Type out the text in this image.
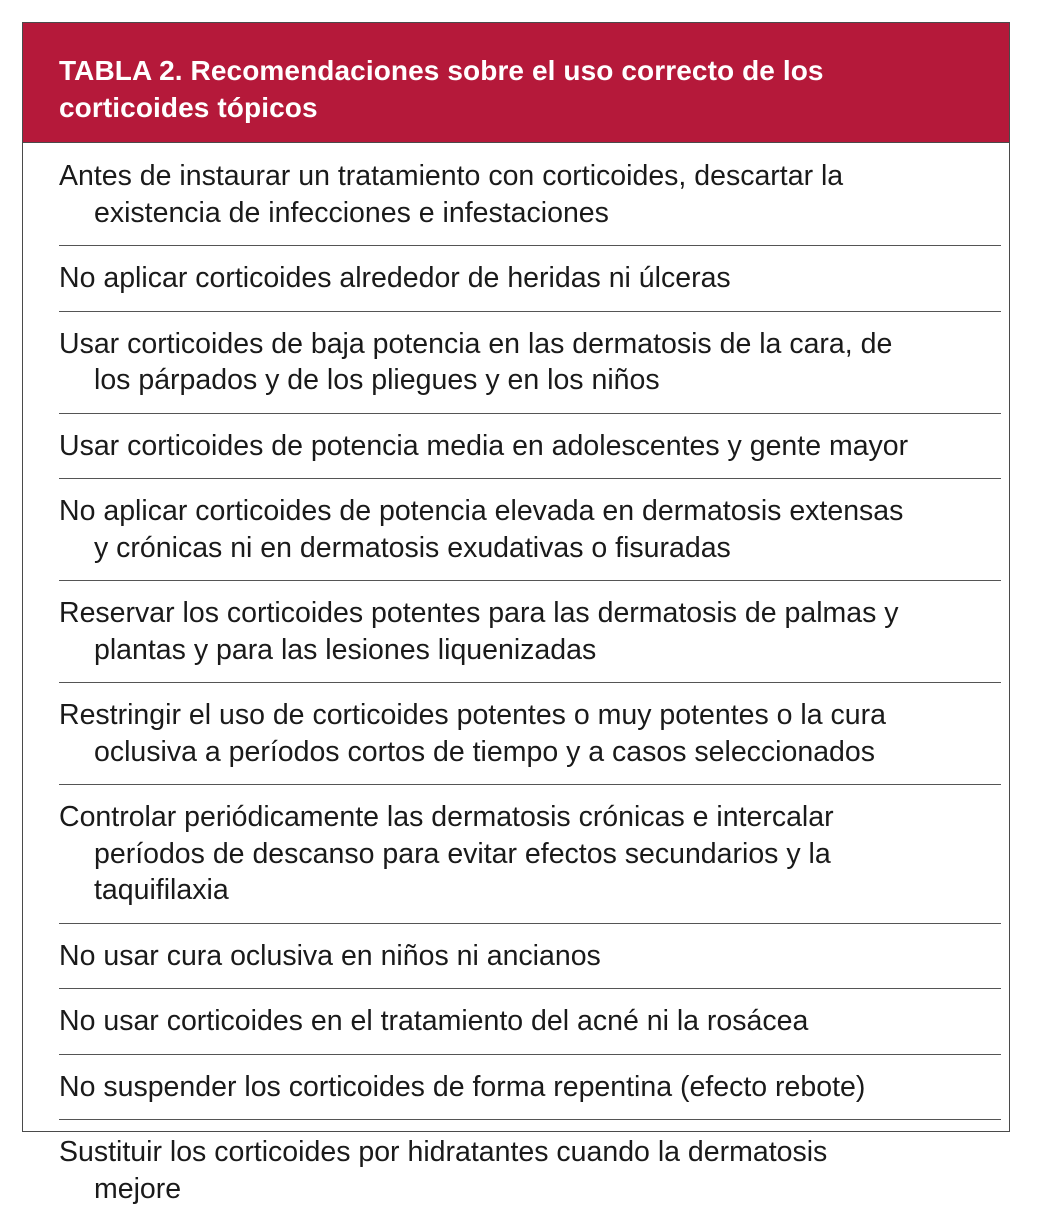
TABLA 2. Recomendaciones sobre el uso correcto de los
corticoides tópicos

Antes de instaurar un tratamiento con corticoides, descartar la
existencia de infecciones e infestaciones

No aplicar corticoides alrededor de heridas ni úlceras

Usar corticoides de baja potencia en las dermatosis de la cara, de
los párpados y de los pliegues y en los niños

Usar corticoides de potencia media en adolescentes y gente mayor

No aplicar corticoides de potencia elevada en dermatosis extensas
y crónicas ni en dermatosis exudativas o fisuradas

Reservar los corticoides potentes para las dermatosis de palmas y
plantas y para las lesiones liquenizadas

Restringir el uso de corticoides potentes o muy potentes o la cura
oclusiva a períodos cortos de tiempo y a casos seleccionados

Controlar periódicamente las dermatosis crónicas e intercalar
períodos de descanso para evitar efectos secundarios y la
taquifilaxia

No usar cura oclusiva en niños ni ancianos

No usar corticoides en el tratamiento del acné ni la rosácea

No suspender los corticoides de forma repentina (efecto rebote)

Sustituir los corticoides por hidratantes cuando la dermatosis
mejore
